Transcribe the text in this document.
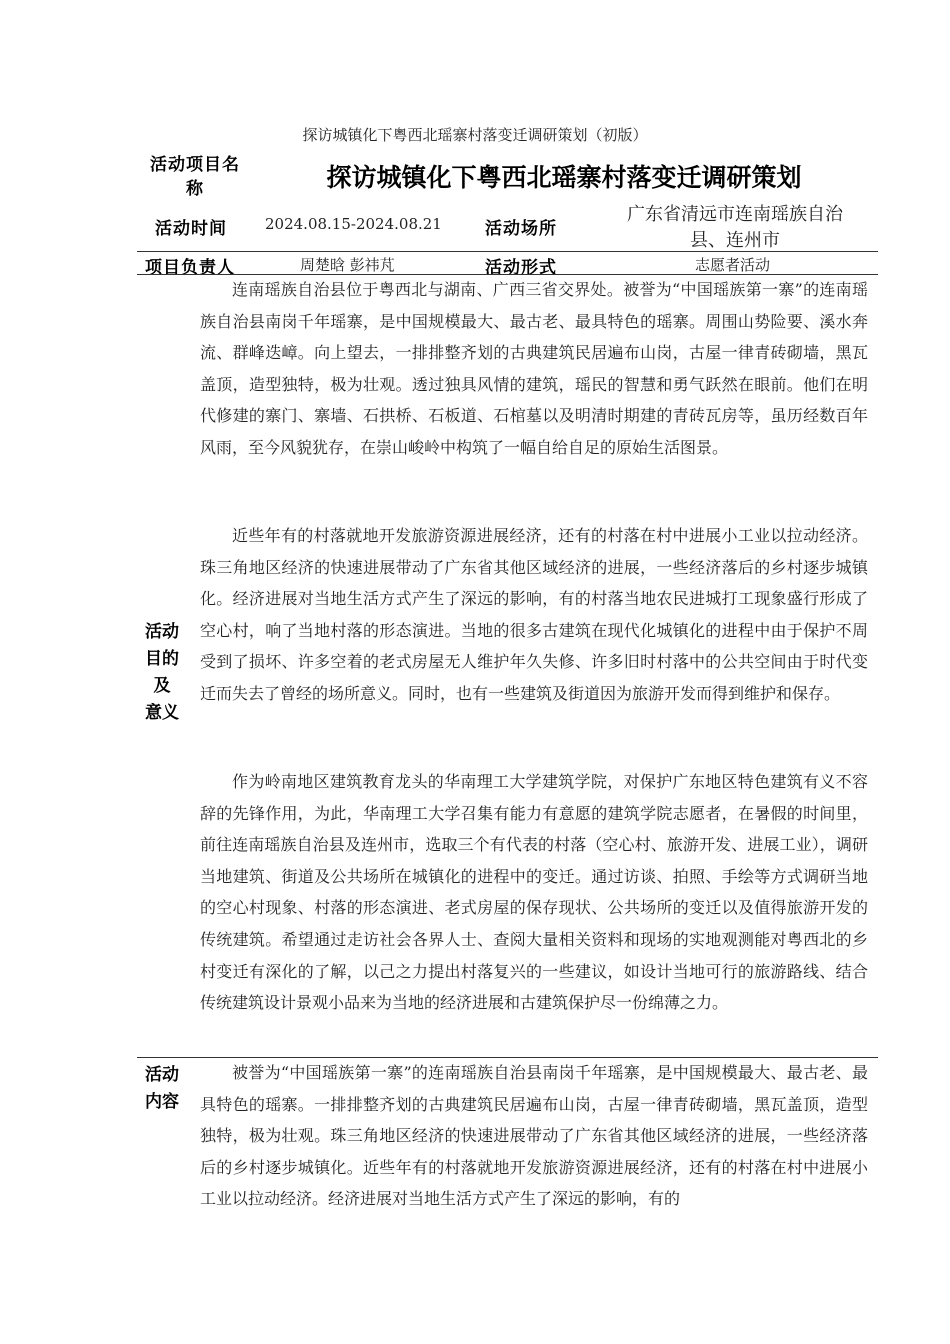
探访城镇化下粤西北瑶寨村落变迁调研策划（初版）
活动项目名
称	探访城镇化下粤西北瑶寨村落变迁调研策划
活动时间	2024.08.15-2024.08.21	活动场所
广东省清远市连南瑶族自治
县、连州市
项目负责人	周楚晗 彭祎芃	活动形式	志愿者活动
活动
目的
及
意义

连南瑶族自治县位于粤西北与湖南、广西三省交界处。被誉为“中国瑶族第一寨”的连南瑶族自治县南岗千年瑶寨，是中国规模最大、最古老、最具特色的瑶寨。周围山势险要、溪水奔流、群峰迭嶂。向上望去，一排排整齐划的古典建筑民居遍布山岗，古屋一律青砖砌墙，黑瓦盖顶，造型独特，极为壮观。透过独具风情的建筑，瑶民的智慧和勇气跃然在眼前。他们在明代修建的寨门、寨墙、石拱桥、石板道、石棺墓以及明清时期建的青砖瓦房等，虽历经数百年风雨，至今风貌犹存，在崇山峻岭中构筑了一幅自给自足的原始生活图景。

近些年有的村落就地开发旅游资源进展经济，还有的村落在村中进展小工业以拉动经济。珠三角地区经济的快速进展带动了广东省其他区域经济的进展，一些经济落后的乡村逐步城镇化。经济进展对当地生活方式产生了深远的影响，有的村落当地农民进城打工现象盛行形成了空心村，响了当地村落的形态演进。当地的很多古建筑在现代化城镇化的进程中由于保护不周受到了损坏、许多空着的老式房屋无人维护年久失修、许多旧时村落中的公共空间由于时代变迁而失去了曾经的场所意义。同时，也有一些建筑及街道因为旅游开发而得到维护和保存。

作为岭南地区建筑教育龙头的华南理工大学建筑学院，对保护广东地区特色建筑有义不容辞的先锋作用，为此，华南理工大学召集有能力有意愿的建筑学院志愿者，在暑假的时间里，前往连南瑶族自治县及连州市，选取三个有代表的村落（空心村、旅游开发、进展工业），调研当地建筑、街道及公共场所在城镇化的进程中的变迁。通过访谈、拍照、手绘等方式调研当地的空心村现象、村落的形态演进、老式房屋的保存现状、公共场所的变迁以及值得旅游开发的传统建筑。希望通过走访社会各界人士、查阅大量相关资料和现场的实地观测能对粤西北的乡村变迁有深化的了解，以己之力提出村落复兴的一些建议，如设计当地可行的旅游路线、结合传统建筑设计景观小品来为当地的经济进展和古建筑保护尽一份绵薄之力。

活动
内容

被誉为“中国瑶族第一寨”的连南瑶族自治县南岗千年瑶寨，是中国规模最大、最古老、最具特色的瑶寨。一排排整齐划的古典建筑民居遍布山岗，古屋一律青砖砌墙，黑瓦盖顶，造型独特，极为壮观。珠三角地区经济的快速进展带动了广东省其他区域经济的进展，一些经济落后的乡村逐步城镇化。近些年有的村落就地开发旅游资源进展经济，还有的村落在村中进展小工业以拉动经济。经济进展对当地生活方式产生了深远的影响，有的
